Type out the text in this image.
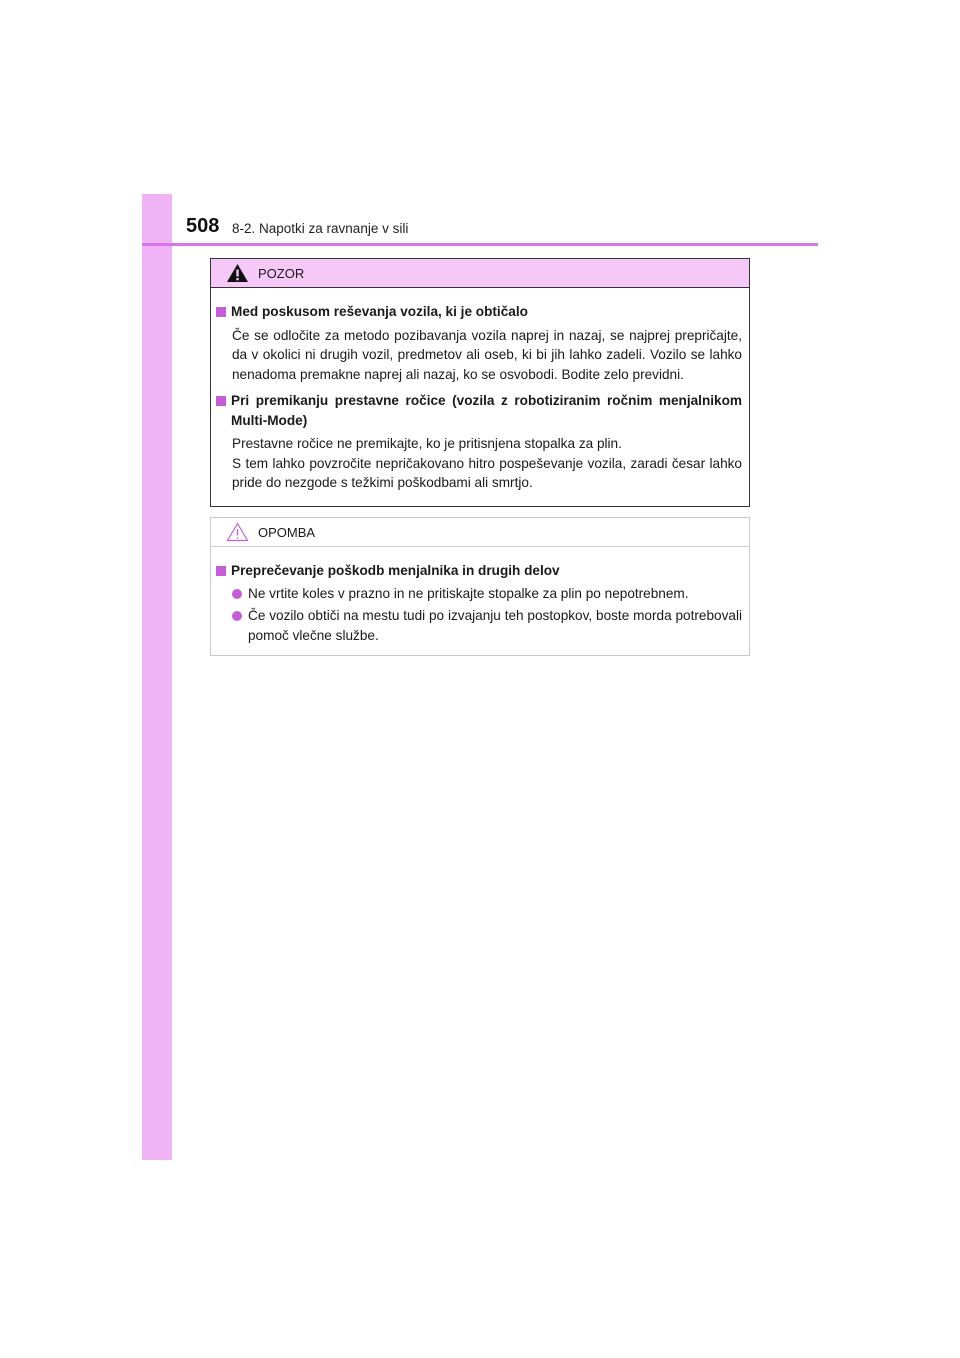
508 8-2. Napotki za ravnanje v sili
POZOR
Med poskusom reševanja vozila, ki je obtičalo
Če se odločite za metodo pozibavanja vozila naprej in nazaj, se najprej prepričajte, da v okolici ni drugih vozil, predmetov ali oseb, ki bi jih lahko zadeli. Vozilo se lahko nenadoma premakne naprej ali nazaj, ko se osvobodi. Bodite zelo previdni.
Pri premikanju prestavne ročice (vozila z robotiziranim ročnim menjalnikom Multi-Mode)
Prestavne ročice ne premikajte, ko je pritisnjena stopalka za plin.
S tem lahko povzročite nepričakovano hitro pospeševanje vozila, zaradi česar lahko pride do nezgode s težkimi poškodbami ali smrtjo.
OPOMBA
Preprečevanje poškodb menjalnika in drugih delov
Ne vrtite koles v prazno in ne pritiskajte stopalke za plin po nepotrebnem.
Če vozilo obtiči na mestu tudi po izvajanju teh postopkov, boste morda potrebovali pomoč vlečne službe.
